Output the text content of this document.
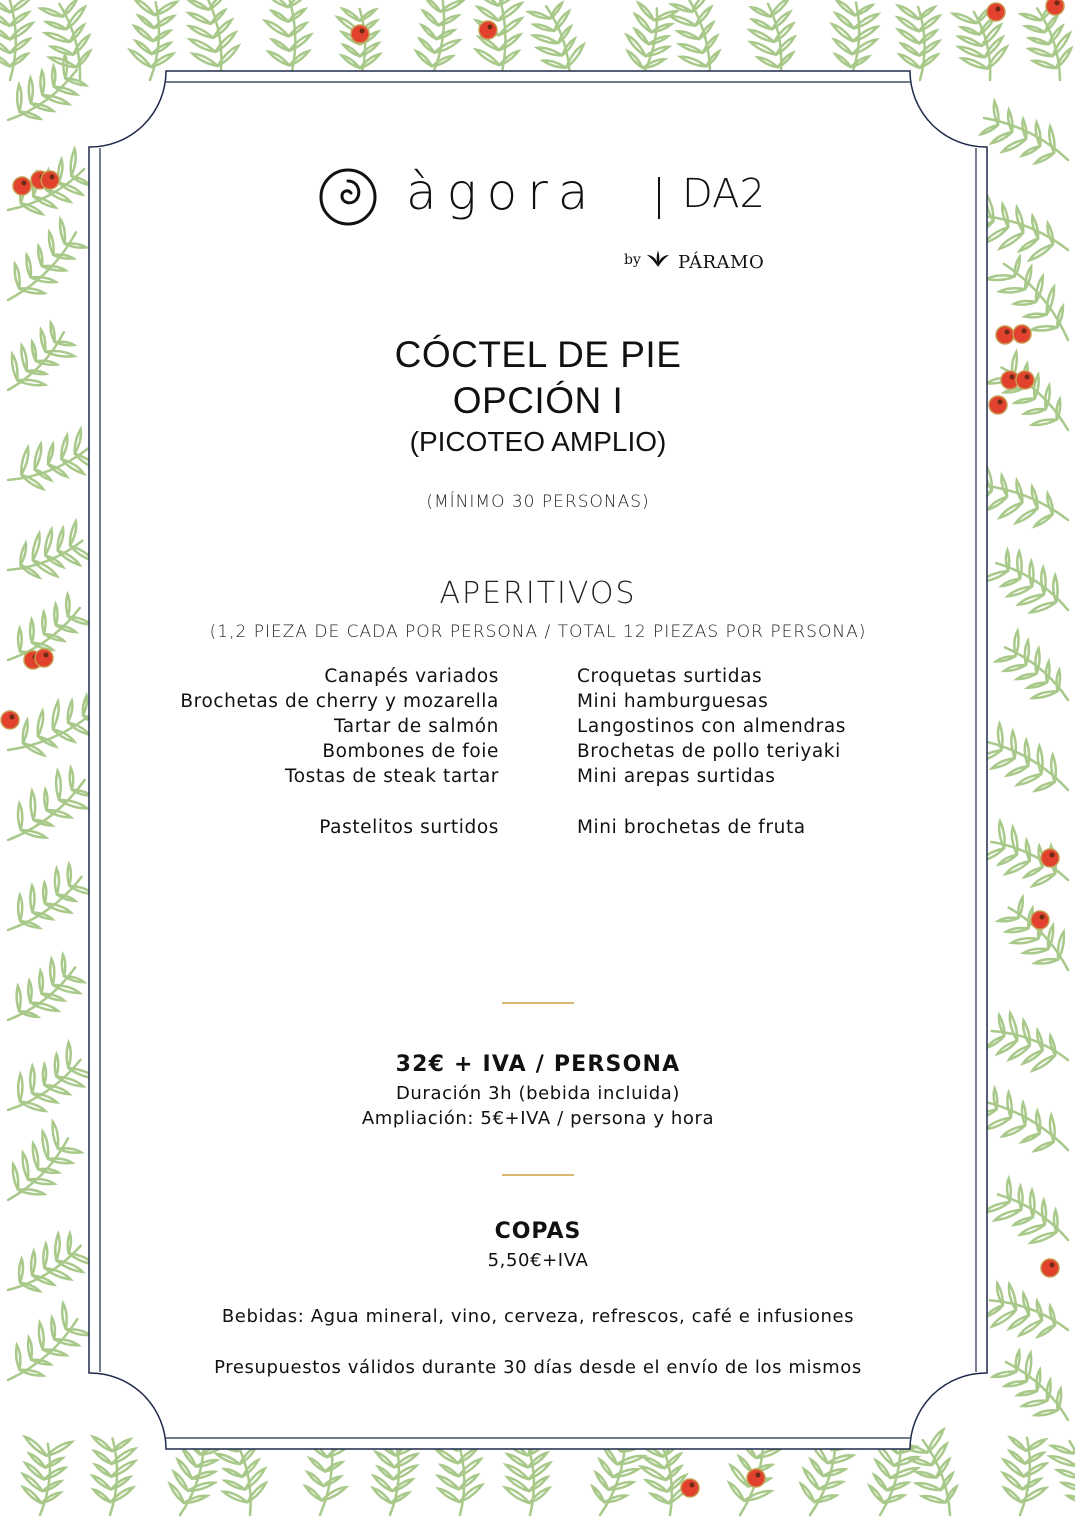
àgora DA2
by PÁRAMO
CÓCTEL DE PIE
OPCIÓN I
(PICOTEO AMPLIO)
(MÍNIMO 30 PERSONAS)
APERITIVOS
(1,2 PIEZA DE CADA POR PERSONA / TOTAL 12 PIEZAS POR PERSONA)
Canapés variados
Brochetas de cherry y mozarella
Tartar de salmón
Bombones de foie
Tostas de steak tartar
Pastelitos surtidos
Croquetas surtidas
Mini hamburguesas
Langostinos con almendras
Brochetas de pollo teriyaki
Mini arepas surtidas
Mini brochetas de fruta
32€ + IVA / PERSONA
Duración 3h (bebida incluida)
Ampliación: 5€+IVA / persona y hora
COPAS
5,50€+IVA
Bebidas: Agua mineral, vino, cerveza, refrescos, café e infusiones
Presupuestos válidos durante 30 días desde el envío de los mismos
